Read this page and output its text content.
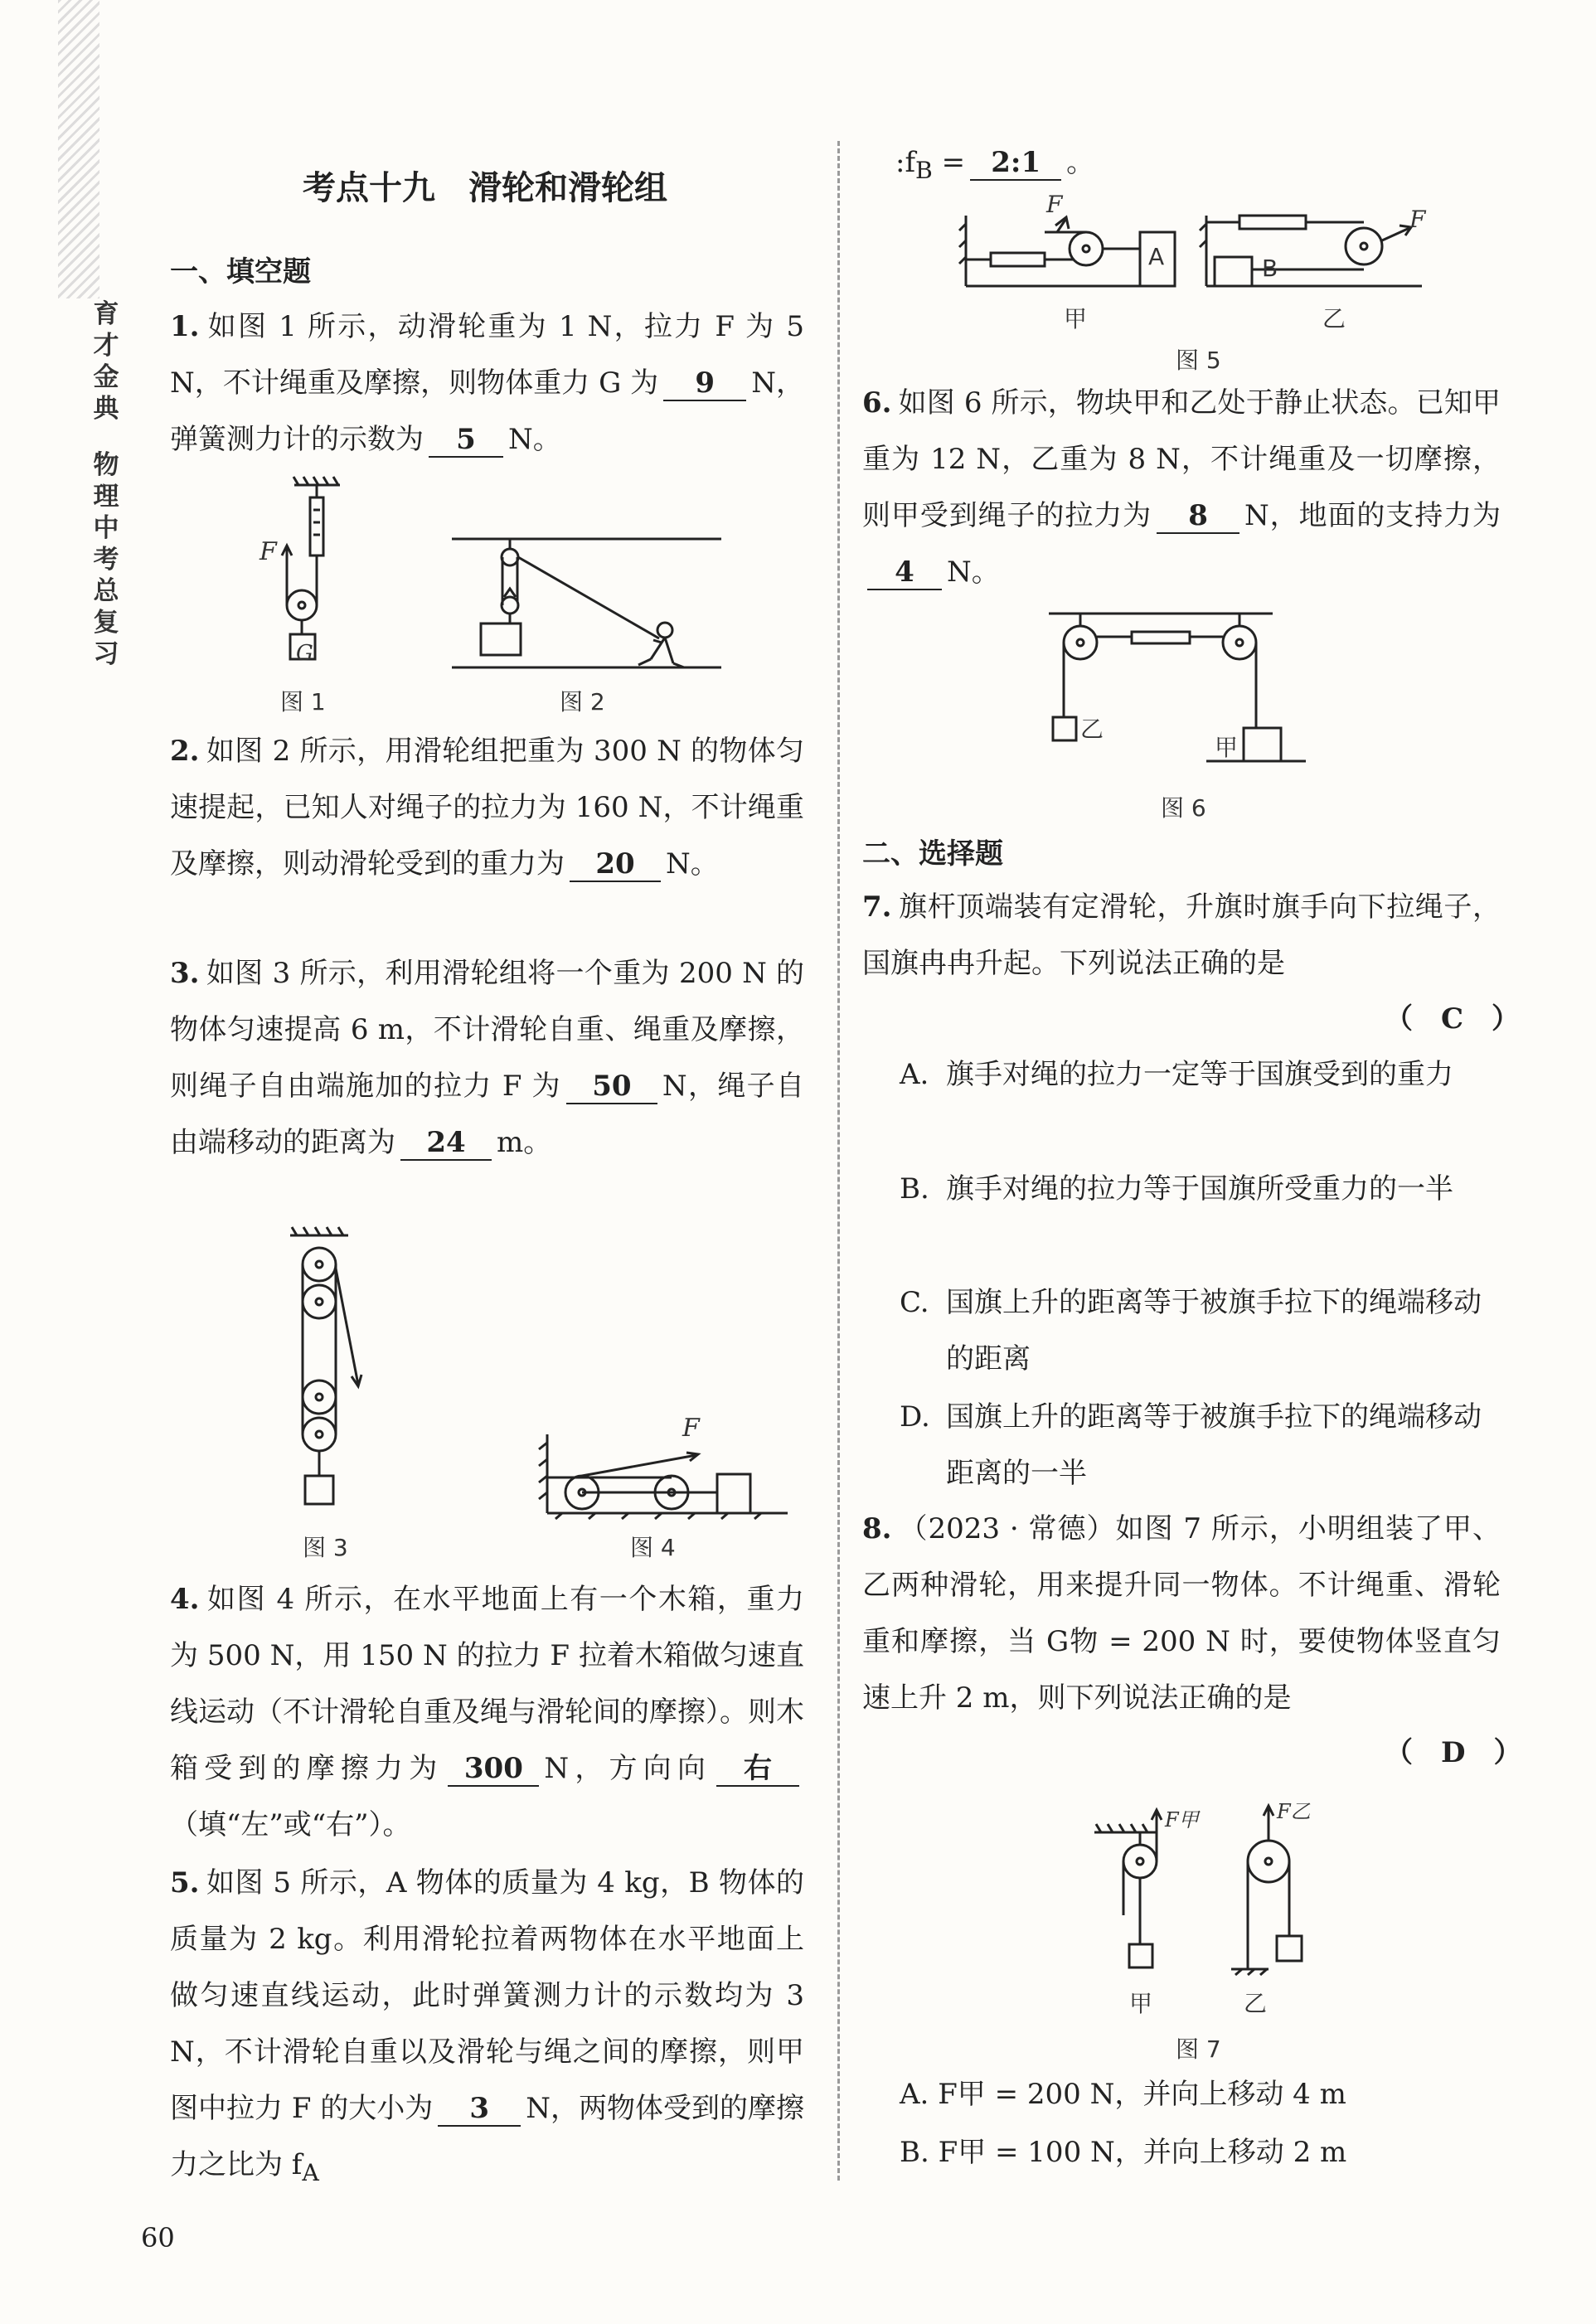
育
才
金
典
物
理
中
考
总
复
习
考点十九　滑轮和滑轮组
一、填空题
1. 如图 1 所示，动滑轮重为 1 N，拉力 F 为 5 N，不计绳重及摩擦，则物体重力 G 为 9 N，弹簧测力计的示数为 5 N。
F
G
图 1	图 2
2. 如图 2 所示，用滑轮组把重为 300 N 的物体匀速提起，已知人对绳子的拉力为 160 N，不计绳重及摩擦，则动滑轮受到的重力为 20 N。
3. 如图 3 所示，利用滑轮组将一个重为 200 N 的物体匀速提高 6 m，不计滑轮自重、绳重及摩擦，则绳子自由端施加的拉力 F 为 50 N，绳子自由端移动的距离为 24 m。
图 3
F
图 4
4. 如图 4 所示，在水平地面上有一个木箱，重力为 500 N，用 150 N 的拉力 F 拉着木箱做匀速直线运动（不计滑轮自重及绳与滑轮间的摩擦）。则木箱受到的摩擦力为 300 N，方向向 右（填“左”或“右”）。
5. 如图 5 所示，A 物体的质量为 4 kg，B 物体的质量为 2 kg。利用滑轮拉着两物体在水平地面上做匀速直线运动，此时弹簧测力计的示数均为 3 N，不计滑轮自重以及滑轮与绳之间的摩擦，则甲图中拉力 F 的大小为 3 N，两物体受到的摩擦力之比为 $f_A$
$:f_B$ = 2:1 。
F
A	B
F
甲	乙
图 5
6. 如图 6 所示，物块甲和乙处于静止状态。已知甲重为 12 N，乙重为 8 N，不计绳重及一切摩擦，则甲受到绳子的拉力为 8 N，地面的支持力为4 N。
乙
甲
图 6
二、选择题
7. 旗杆顶端装有定滑轮，升旗时旗手向下拉绳子，国旗冉冉升起。下列说法正确的是
（　C　）
A. 旗手对绳的拉力一定等于国旗受到的重力
B. 旗手对绳的拉力等于国旗所受重力的一半
C. 国旗上升的距离等于被旗手拉下的绳端移动的距离
D. 国旗上升的距离等于被旗手拉下的绳端移动距离的一半
8. （2023 · 常德）如图 7 所示，小明组装了甲、乙两种滑轮，用来提升同一物体。不计绳重、滑轮重和摩擦，当 G物 = 200 N 时，要使物体竖直匀速上升 2 m，则下列说法正确的是
（　D　）
F甲	F乙
甲	乙
图 7
A. F甲 = 200 N，并向上移动 4 m
B. F甲 = 100 N，并向上移动 2 m
60
